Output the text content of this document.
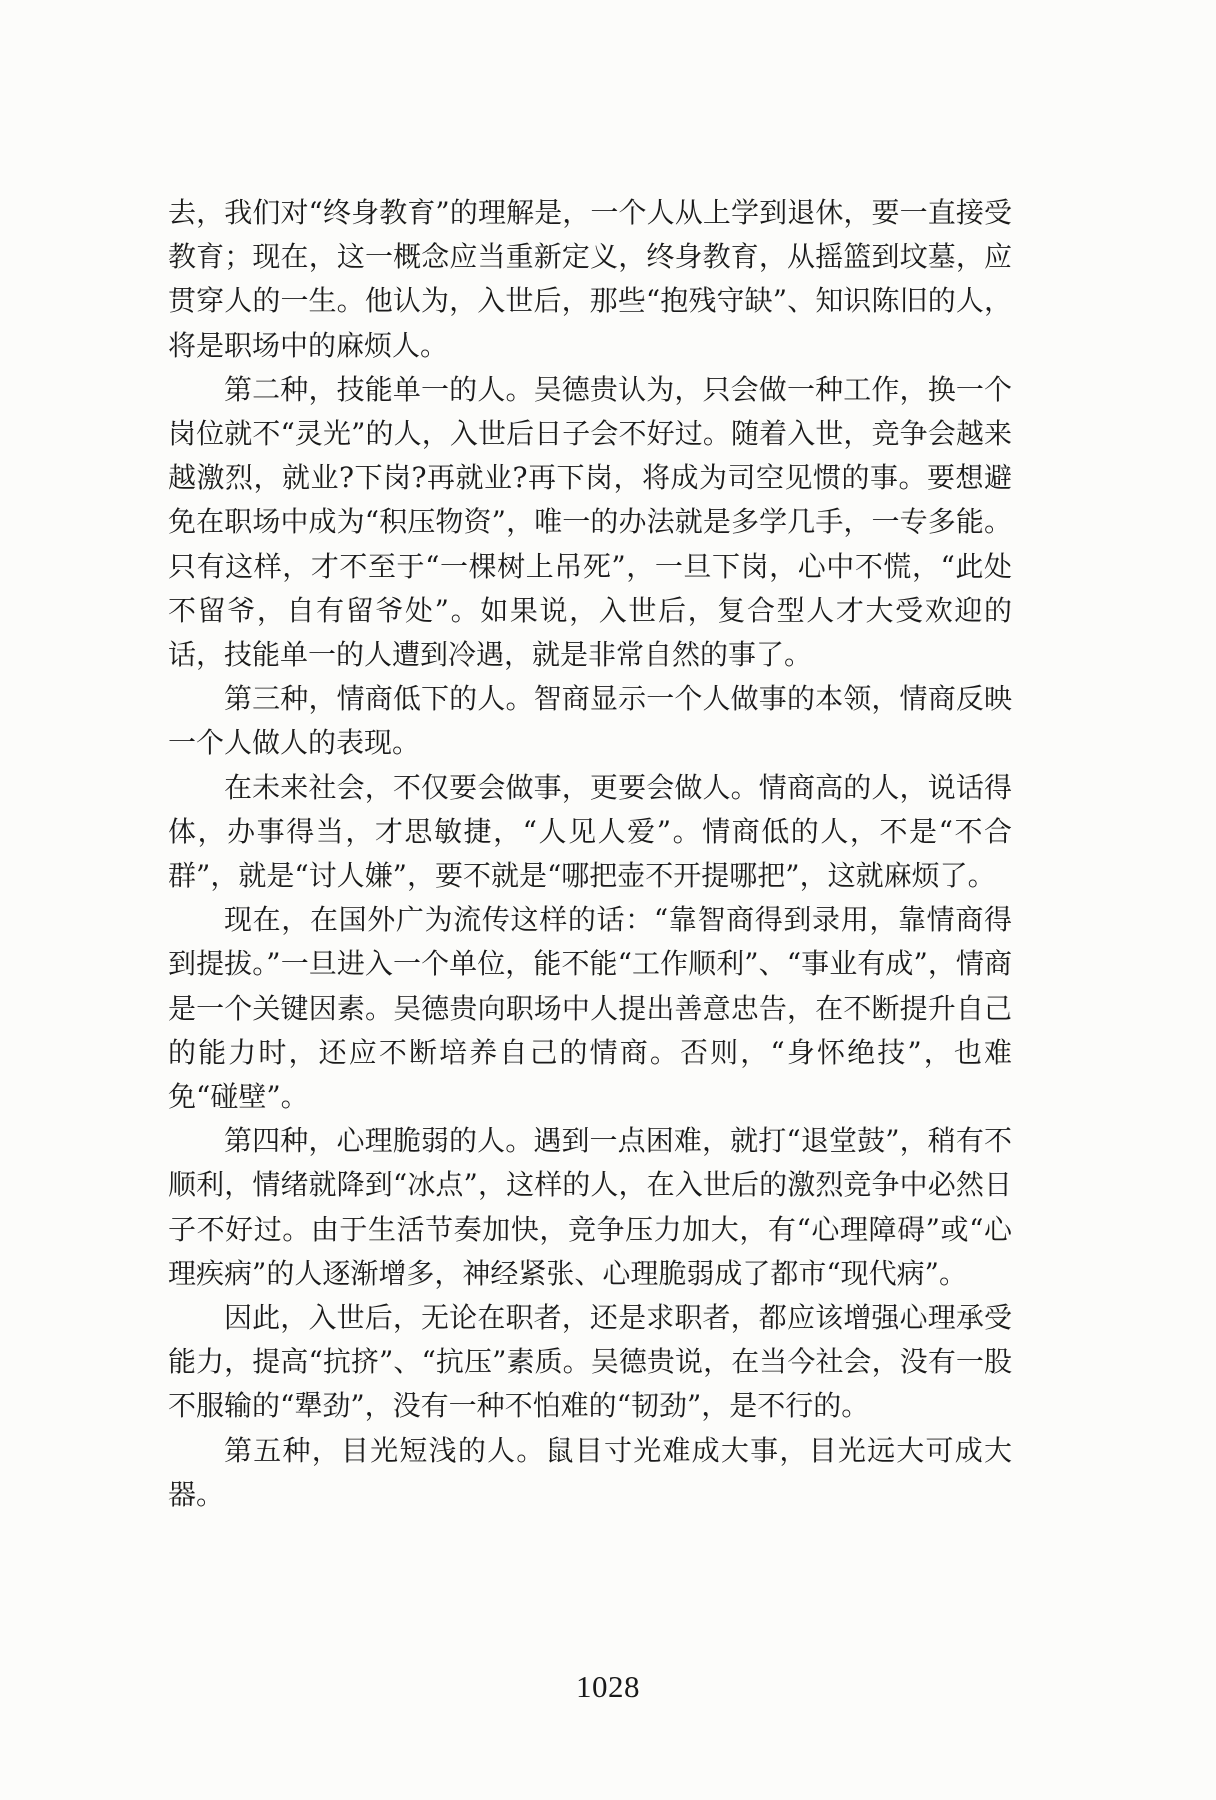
去，我们对“终身教育”的理解是，一个人从上学到退休，要一直接受教育；现在，这一概念应当重新定义，终身教育，从摇篮到坟墓，应贯穿人的一生。他认为，入世后，那些“抱残守缺”、知识陈旧的人，将是职场中的麻烦人。

第二种，技能单一的人。吴德贵认为，只会做一种工作，换一个岗位就不“灵光”的人，入世后日子会不好过。随着入世，竞争会越来越激烈，就业?下岗?再就业?再下岗，将成为司空见惯的事。要想避免在职场中成为“积压物资”，唯一的办法就是多学几手，一专多能。只有这样，才不至于“一棵树上吊死”，一旦下岗，心中不慌，“此处不留爷，自有留爷处”。如果说，入世后，复合型人才大受欢迎的话，技能单一的人遭到冷遇，就是非常自然的事了。

第三种，情商低下的人。智商显示一个人做事的本领，情商反映一个人做人的表现。

在未来社会，不仅要会做事，更要会做人。情商高的人，说话得体，办事得当，才思敏捷，“人见人爱”。情商低的人，不是“不合群”，就是“讨人嫌”，要不就是“哪把壶不开提哪把”，这就麻烦了。

现在，在国外广为流传这样的话：“靠智商得到录用，靠情商得到提拔。”一旦进入一个单位，能不能“工作顺利”、“事业有成”，情商是一个关键因素。吴德贵向职场中人提出善意忠告，在不断提升自己的能力时，还应不断培养自己的情商。否则，“身怀绝技”，也难免“碰壁”。

第四种，心理脆弱的人。遇到一点困难，就打“退堂鼓”，稍有不顺利，情绪就降到“冰点”，这样的人，在入世后的激烈竞争中必然日子不好过。由于生活节奏加快，竞争压力加大，有“心理障碍”或“心理疾病”的人逐渐增多，神经紧张、心理脆弱成了都市“现代病”。

因此，入世后，无论在职者，还是求职者，都应该增强心理承受能力，提高“抗挤”、“抗压”素质。吴德贵说，在当今社会，没有一股不服输的“犟劲”，没有一种不怕难的“韧劲”，是不行的。

第五种，目光短浅的人。鼠目寸光难成大事，目光远大可成大器。

1028
